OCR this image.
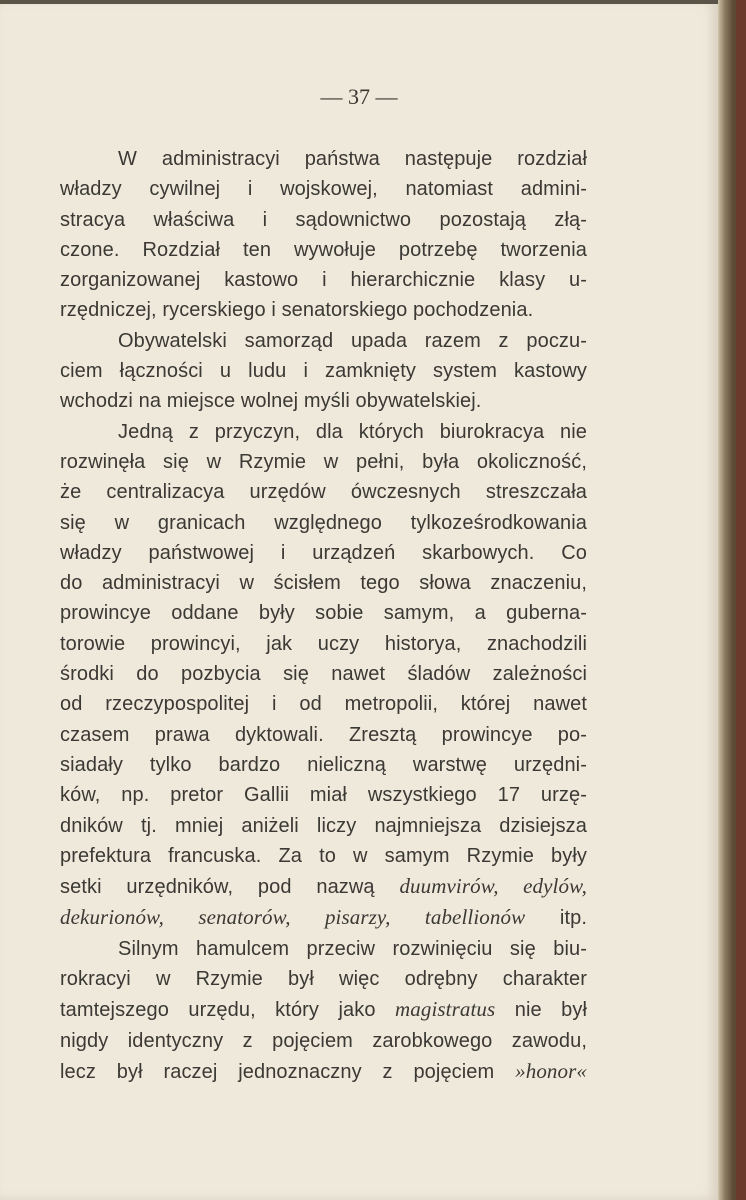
— 37 —
W administracyi państwa następuje rozdział
władzy cywilnej i wojskowej, natomiast admini-
stracya właściwa i sądownictwo pozostają złą-
czone. Rozdział ten wywołuje potrzebę tworzenia
zorganizowanej kastowo i hierarchicznie klasy u-
rzędniczej, rycerskiego i senatorskiego pochodzenia.
Obywatelski samorząd upada razem z poczu-
ciem łączności u ludu i zamknięty system kastowy
wchodzi na miejsce wolnej myśli obywatelskiej.
Jedną z przyczyn, dla których biurokracya nie
rozwinęła się w Rzymie w pełni, była okoliczność,
że centralizacya urzędów ówczesnych streszczała
się w granicach względnego tylkoześrodkowania
władzy państwowej i urządzeń skarbowych. Co
do administracyi w ścisłem tego słowa znaczeniu,
prowincye oddane były sobie samym, a guberna-
torowie prowincyi, jak uczy historya, znachodzili
środki do pozbycia się nawet śladów zależności
od rzeczypospolitej i od metropolii, której nawet
czasem prawa dyktowali. Zresztą prowincye po-
siadały tylko bardzo nieliczną warstwę urzędni-
ków, np. pretor Gallii miał wszystkiego 17 urzę-
dników tj. mniej aniżeli liczy najmniejsza dzisiejsza
prefektura francuska. Za to w samym Rzymie były
setki urzędników, pod nazwą duumvirów, edylów,
dekurionów, senatorów, pisarzy, tabellionów itp.
Silnym hamulcem przeciw rozwinięciu się biu-
rokracyi w Rzymie był więc odrębny charakter
tamtejszego urzędu, który jako magistratus nie był
nigdy identyczny z pojęciem zarobkowego zawodu,
lecz był raczej jednoznaczny z pojęciem »honor«
